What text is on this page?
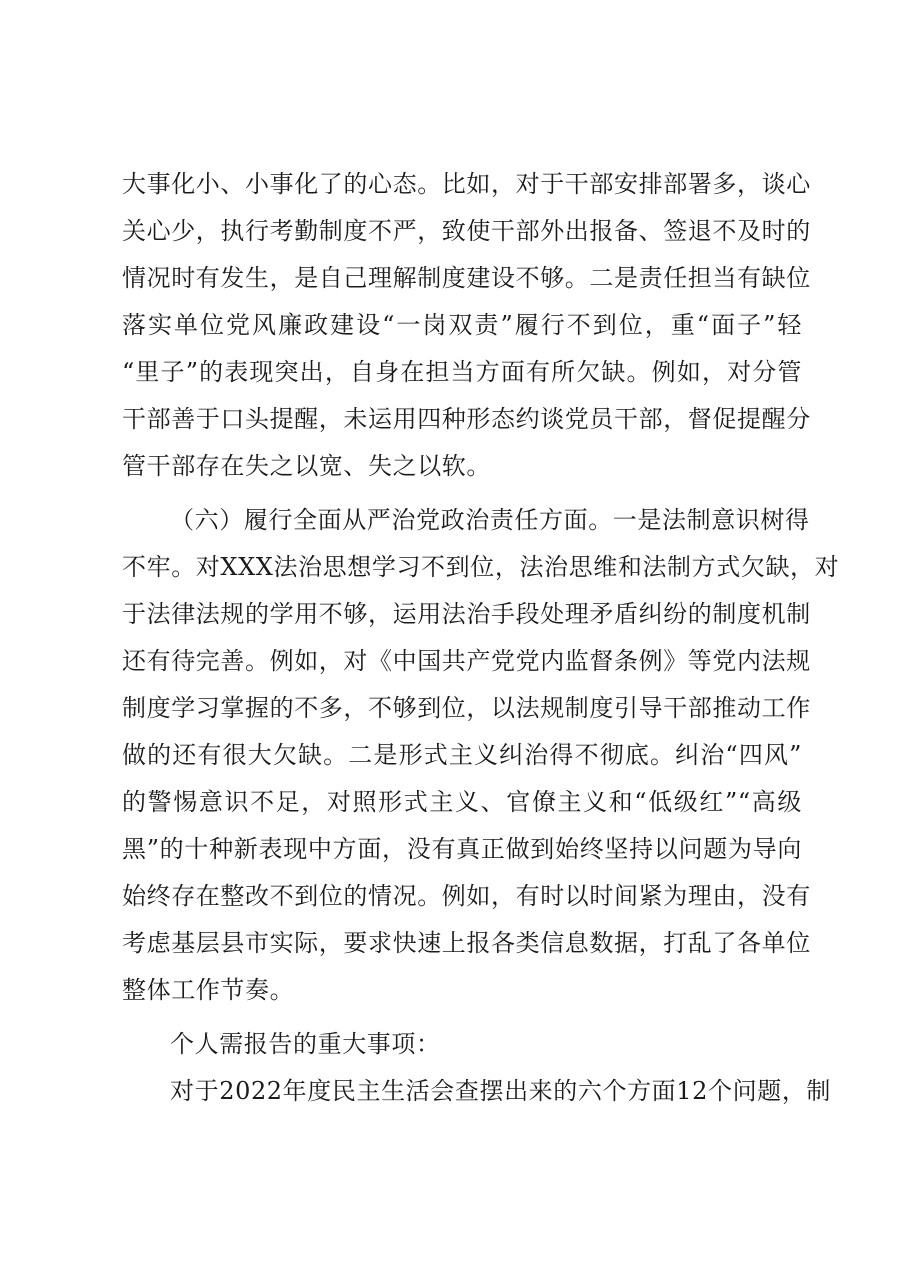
大事化小、小事化了的心态。比如，对于干部安排部署多，谈心
关心少，执行考勤制度不严，致使干部外出报备、签退不及时的
情况时有发生，是自己理解制度建设不够。二是责任担当有缺位
落实单位党风廉政建设“一岗双责”履行不到位，重“面子”轻
“里子”的表现突出，自身在担当方面有所欠缺。例如，对分管
干部善于口头提醒，未运用四种形态约谈党员干部，督促提醒分
管干部存在失之以宽、失之以软。
（六）履行全面从严治党政治责任方面。一是法制意识树得
不牢。对XXX法治思想学习不到位，法治思维和法制方式欠缺，对
于法律法规的学用不够，运用法治手段处理矛盾纠纷的制度机制
还有待完善。例如，对《中国共产党党内监督条例》等党内法规
制度学习掌握的不多，不够到位，以法规制度引导干部推动工作
做的还有很大欠缺。二是形式主义纠治得不彻底。纠治“四风”
的警惕意识不足，对照形式主义、官僚主义和“低级红”“高级
黑”的十种新表现中方面，没有真正做到始终坚持以问题为导向
始终存在整改不到位的情况。例如，有时以时间紧为理由，没有
考虑基层县市实际，要求快速上报各类信息数据，打乱了各单位
整体工作节奏。
个人需报告的重大事项：
对于2022年度民主生活会查摆出来的六个方面12个问题，制
